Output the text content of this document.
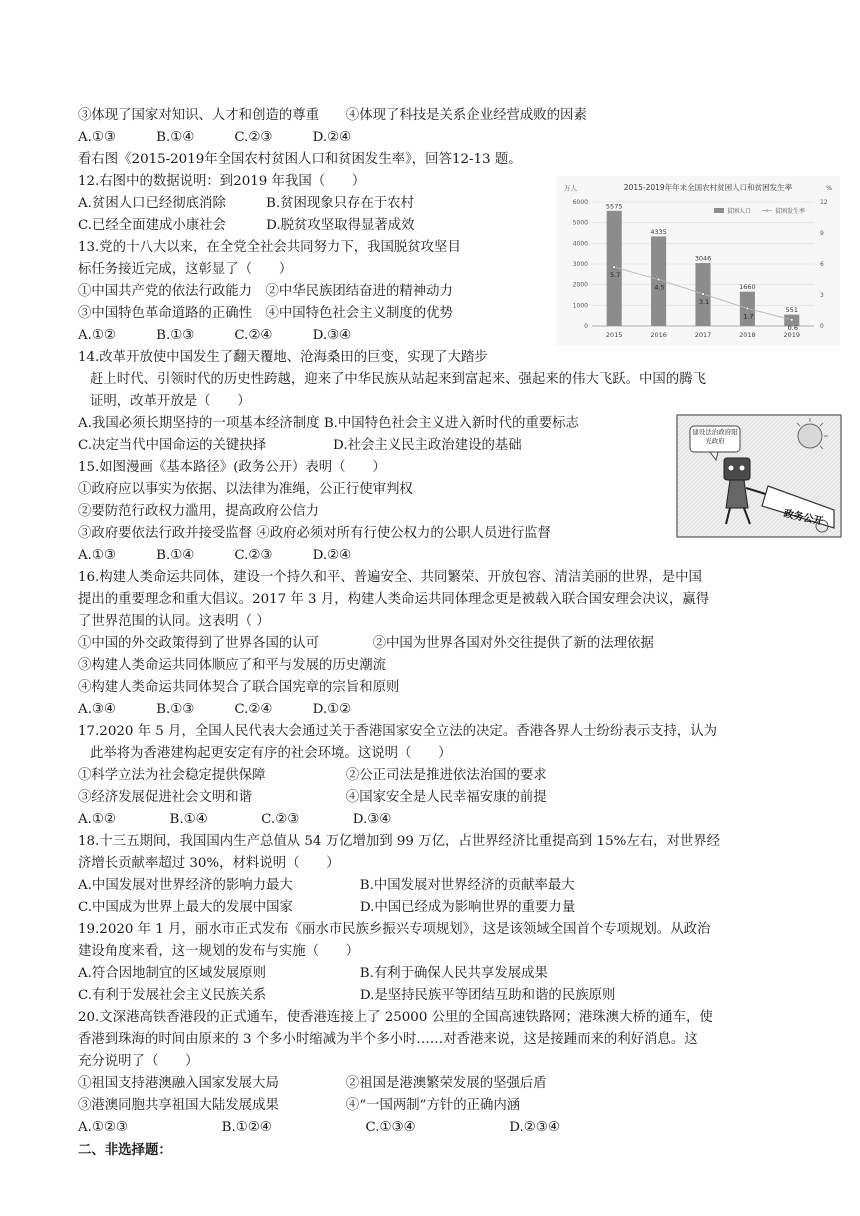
③体现了国家对知识、人才和创造的尊重　　④体现了科技是关系企业经营成败的因素
A.①③　　　B.①④　　　C.②③　　　D.②④
看右图《2015-2019年全国农村贫困人口和贫困发生率》，回答12-13 题。
12.右图中的数据说明：到2019 年我国（　　）
A.贫困人口已经彻底消除　　　B.贫困现象只存在于农村
C.已经全面建成小康社会　　　D.脱贫攻坚取得显著成效
13.党的十八大以来，在全党全社会共同努力下，我国脱贫攻坚目
标任务接近完成，这彰显了（　　）
①中国共产党的依法行政能力　②中华民族团结奋进的精神动力
③中国特色革命道路的正确性　④中国特色社会主义制度的优势
A.①②　　　B.①③　　　C.②④　　　D.③④
14.改革开放使中国发生了翻天覆地、沧海桑田的巨变，实现了大踏步
赶上时代、引领时代的历史性跨越，迎来了中华民族从站起来到富起来、强起来的伟大飞跃。中国的腾飞
证明，改革开放是（　　）
A.我国必须长期坚持的一项基本经济制度 B.中国特色社会主义进入新时代的重要标志
C.决定当代中国命运的关键抉择　　　　　D.社会主义民主政治建设的基础
15.如图漫画《基本路径》(政务公开）表明（　　）
①政府应以事实为依据、以法律为准绳，公正行使审判权
②要防范行政权力滥用，提高政府公信力
③政府要依法行政并接受监督 ④政府必须对所有行使公权力的公职人员进行监督
A.①③　　　B.①④　　　C.②③　　　D.②④
16.构建人类命运共同体，建设一个持久和平、普遍安全、共同繁荣、开放包容、清洁美丽的世界，是中国
提出的重要理念和重大倡议。2017 年 3 月，构建人类命运共同体理念更是被载入联合国安理会决议，赢得
了世界范围的认同。这表明（ ）
①中国的外交政策得到了世界各国的认可　　　　②中国为世界各国对外交往提供了新的法理依据
③构建人类命运共同体顺应了和平与发展的历史潮流
④构建人类命运共同体契合了联合国宪章的宗旨和原则
A.③④　　　B.①③　　　C.②④　　　D.①②
17.2020 年 5 月，全国人民代表大会通过关于香港国家安全立法的决定。香港各界人士纷纷表示支持，认为
此举将为香港建构起更安定有序的社会环境。这说明（　　）
①科学立法为社会稳定提供保障　　　　　　②公正司法是推进依法治国的要求
③经济发展促进社会文明和谐　　　　　　　④国家安全是人民幸福安康的前提
A.①②　　　　B.①④　　　　C.②③　　　　D.③④
18.十三五期间，我国国内生产总值从 54 万亿增加到 99 万亿，占世界经济比重提高到 15%左右，对世界经
济增长贡献率超过 30%，材料说明（　　）
A.中国发展对世界经济的影响力最大　　　　　B.中国发展对世界经济的贡献率最大
C.中国成为世界上最大的发展中国家　　　　　D.中国已经成为影响世界的重要力量
19.2020 年 1 月，丽水市正式发布《丽水市民族乡振兴专项规划》，这是该领域全国首个专项规划。从政治
建设角度来看，这一规划的发布与实施（　　）
A.符合因地制宜的区域发展原则　　　　　　　B.有利于确保人民共享发展成果
C.有利于发展社会主义民族关系　　　　　　　D.是坚持民族平等团结互助和谐的民族原则
20.文深港高铁香港段的正式通车，使香港连接上了 25000 公里的全国高速铁路网；港珠澳大桥的通车，使
香港到珠海的时间由原来的 3 个多小时缩减为半个多小时……对香港来说，这是接踵而来的利好消息。这
充分说明了（　　）
①祖国支持港澳融入国家发展大局　　　　　②祖国是港澳繁荣发展的坚强后盾
③港澳同胞共享祖国大陆发展成果　　　　　④“一国两制”方针的正确内涵
A.①②③　　　　　　　B.①②④　　　　　　　C.①③④　　　　　　　D.②③④
二、非选择题：
2015-2019年年末全国农村贫困人口和贫困发生率
万人	%
贫困人口	贫困发生率
0
1000
2000
3000
4000
5000
6000
0
3
6
9
12
5575
4335
3046
1660
551
5.7
4.5
3.1
1.7
0.6
2015	2016	2017	2018	2019
建设法治政府阳光政府
政务公开
